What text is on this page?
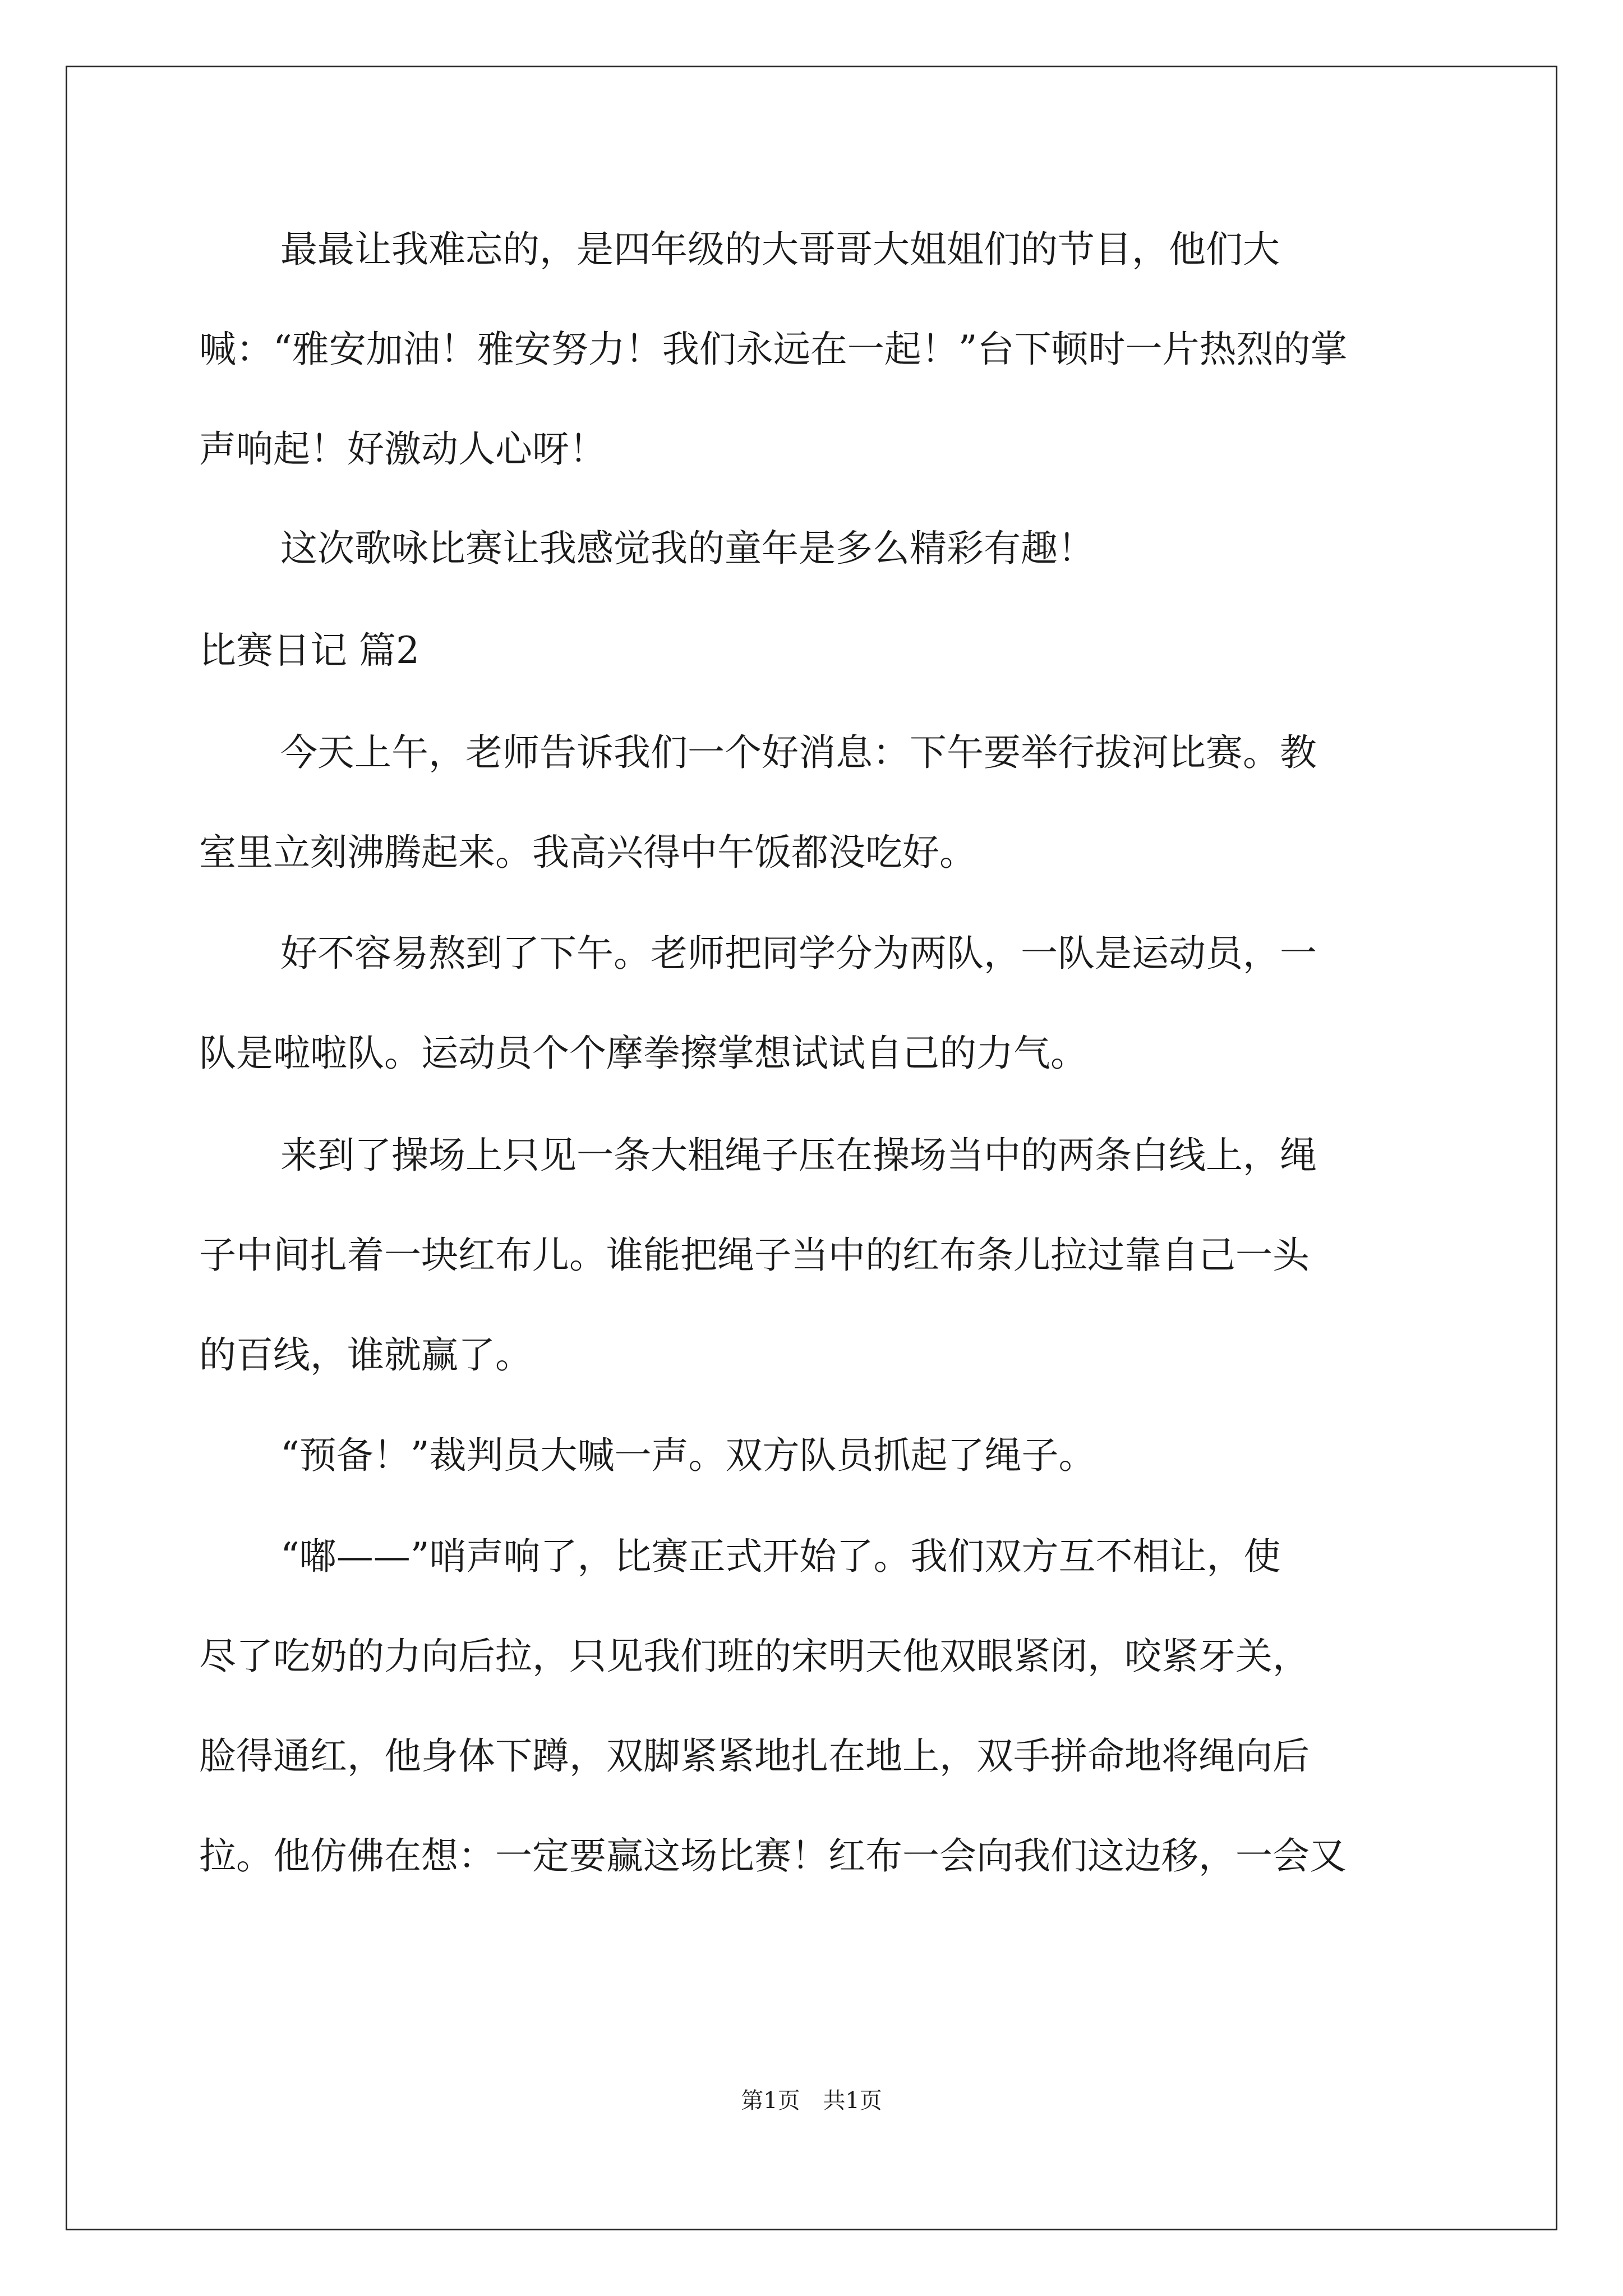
最最让我难忘的，是四年级的大哥哥大姐姐们的节目，他们大
喊：“雅安加油！雅安努力！我们永远在一起！”台下顿时一片热烈的掌
声响起！好激动人心呀！
这次歌咏比赛让我感觉我的童年是多么精彩有趣！
比赛日记 篇2
今天上午，老师告诉我们一个好消息：下午要举行拔河比赛。教
室里立刻沸腾起来。我高兴得中午饭都没吃好。
好不容易熬到了下午。老师把同学分为两队，一队是运动员，一
队是啦啦队。运动员个个摩拳擦掌想试试自己的力气。
来到了操场上只见一条大粗绳子压在操场当中的两条白线上，绳
子中间扎着一块红布儿。谁能把绳子当中的红布条儿拉过靠自己一头
的百线，谁就赢了。
“预备！”裁判员大喊一声。双方队员抓起了绳子。
“嘟——”哨声响了，比赛正式开始了。我们双方互不相让，使
尽了吃奶的力向后拉，只见我们班的宋明天他双眼紧闭，咬紧牙关，
脸得通红，他身体下蹲，双脚紧紧地扎在地上，双手拼命地将绳向后
拉。他仿佛在想：一定要赢这场比赛！红布一会向我们这边移，一会又
第1页 共1页
